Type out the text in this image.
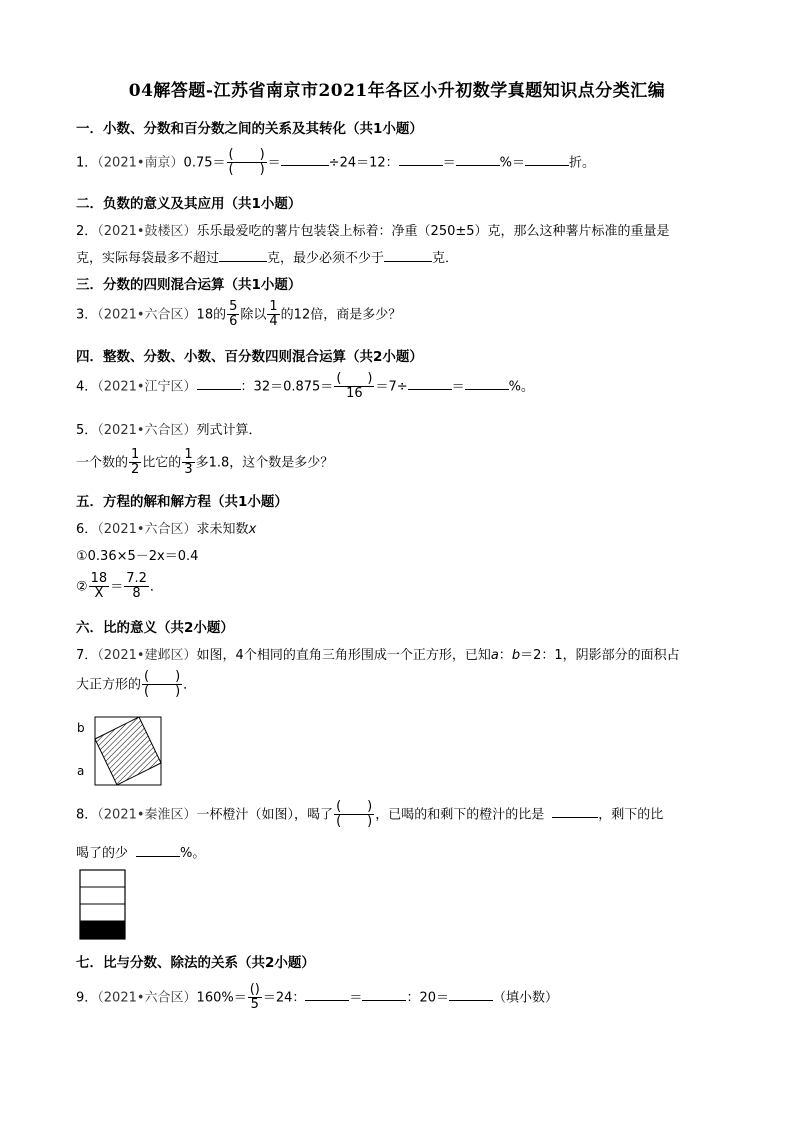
04解答题-江苏省南京市2021年各区小升初数学真题知识点分类汇编
一．小数、分数和百分数之间的关系及其转化（共1小题）
1．（2021•南京）$0.75= \frac{( )}{( )}$ ＝	÷24＝12：	＝	%＝	折。
二．负数的意义及其应用（共1小题）
2．（2021•鼓楼区）乐乐最爱吃的薯片包装袋上标着：净重（250±5）克，那么这种薯片标准的重量是
克，实际每袋最多不超过	克，最少必须不少于	克．
三．分数的四则混合运算（共1小题）
3．（2021•六合区）18的 $\frac{5}{6}$ 除以 $\frac{1}{4}$ 的12倍，商是多少？
四．整数、分数、小数、百分数四则混合运算（共2小题）
4．（2021•江宁区）	：$32=0.875= \frac{( )}{16} =7\div$	＝	%。
5．（2021•六合区）列式计算．
一个数的 $\frac{1}{2}$ 比它的 $\frac{1}{3}$ 多1.8，这个数是多少？
五．方程的解和解方程（共1小题）
6．（2021•六合区）求未知数x
①0.36×5－2x＝0.4
② $\frac{18}{X} = \frac{7.2}{8}$ ．
六．比的意义（共2小题）
7．（2021•建邺区）如图，4个相同的直角三角形围成一个正方形，已知a：b＝2：1，阴影部分的面积占
大正方形的 $\frac{( )}{( )}$ ．
b
a
8．（2021•秦淮区）一杯橙汁（如图），喝了 $\frac{( )}{( )}$ ，已喝的和剩下的橙汁的比是	，剩下的比
喝了的少	%。
七．比与分数、除法的关系（共2小题）
9．（2021•六合区）$160\%= \frac{()}{5} =24$：	＝	：20＝	（填小数）
